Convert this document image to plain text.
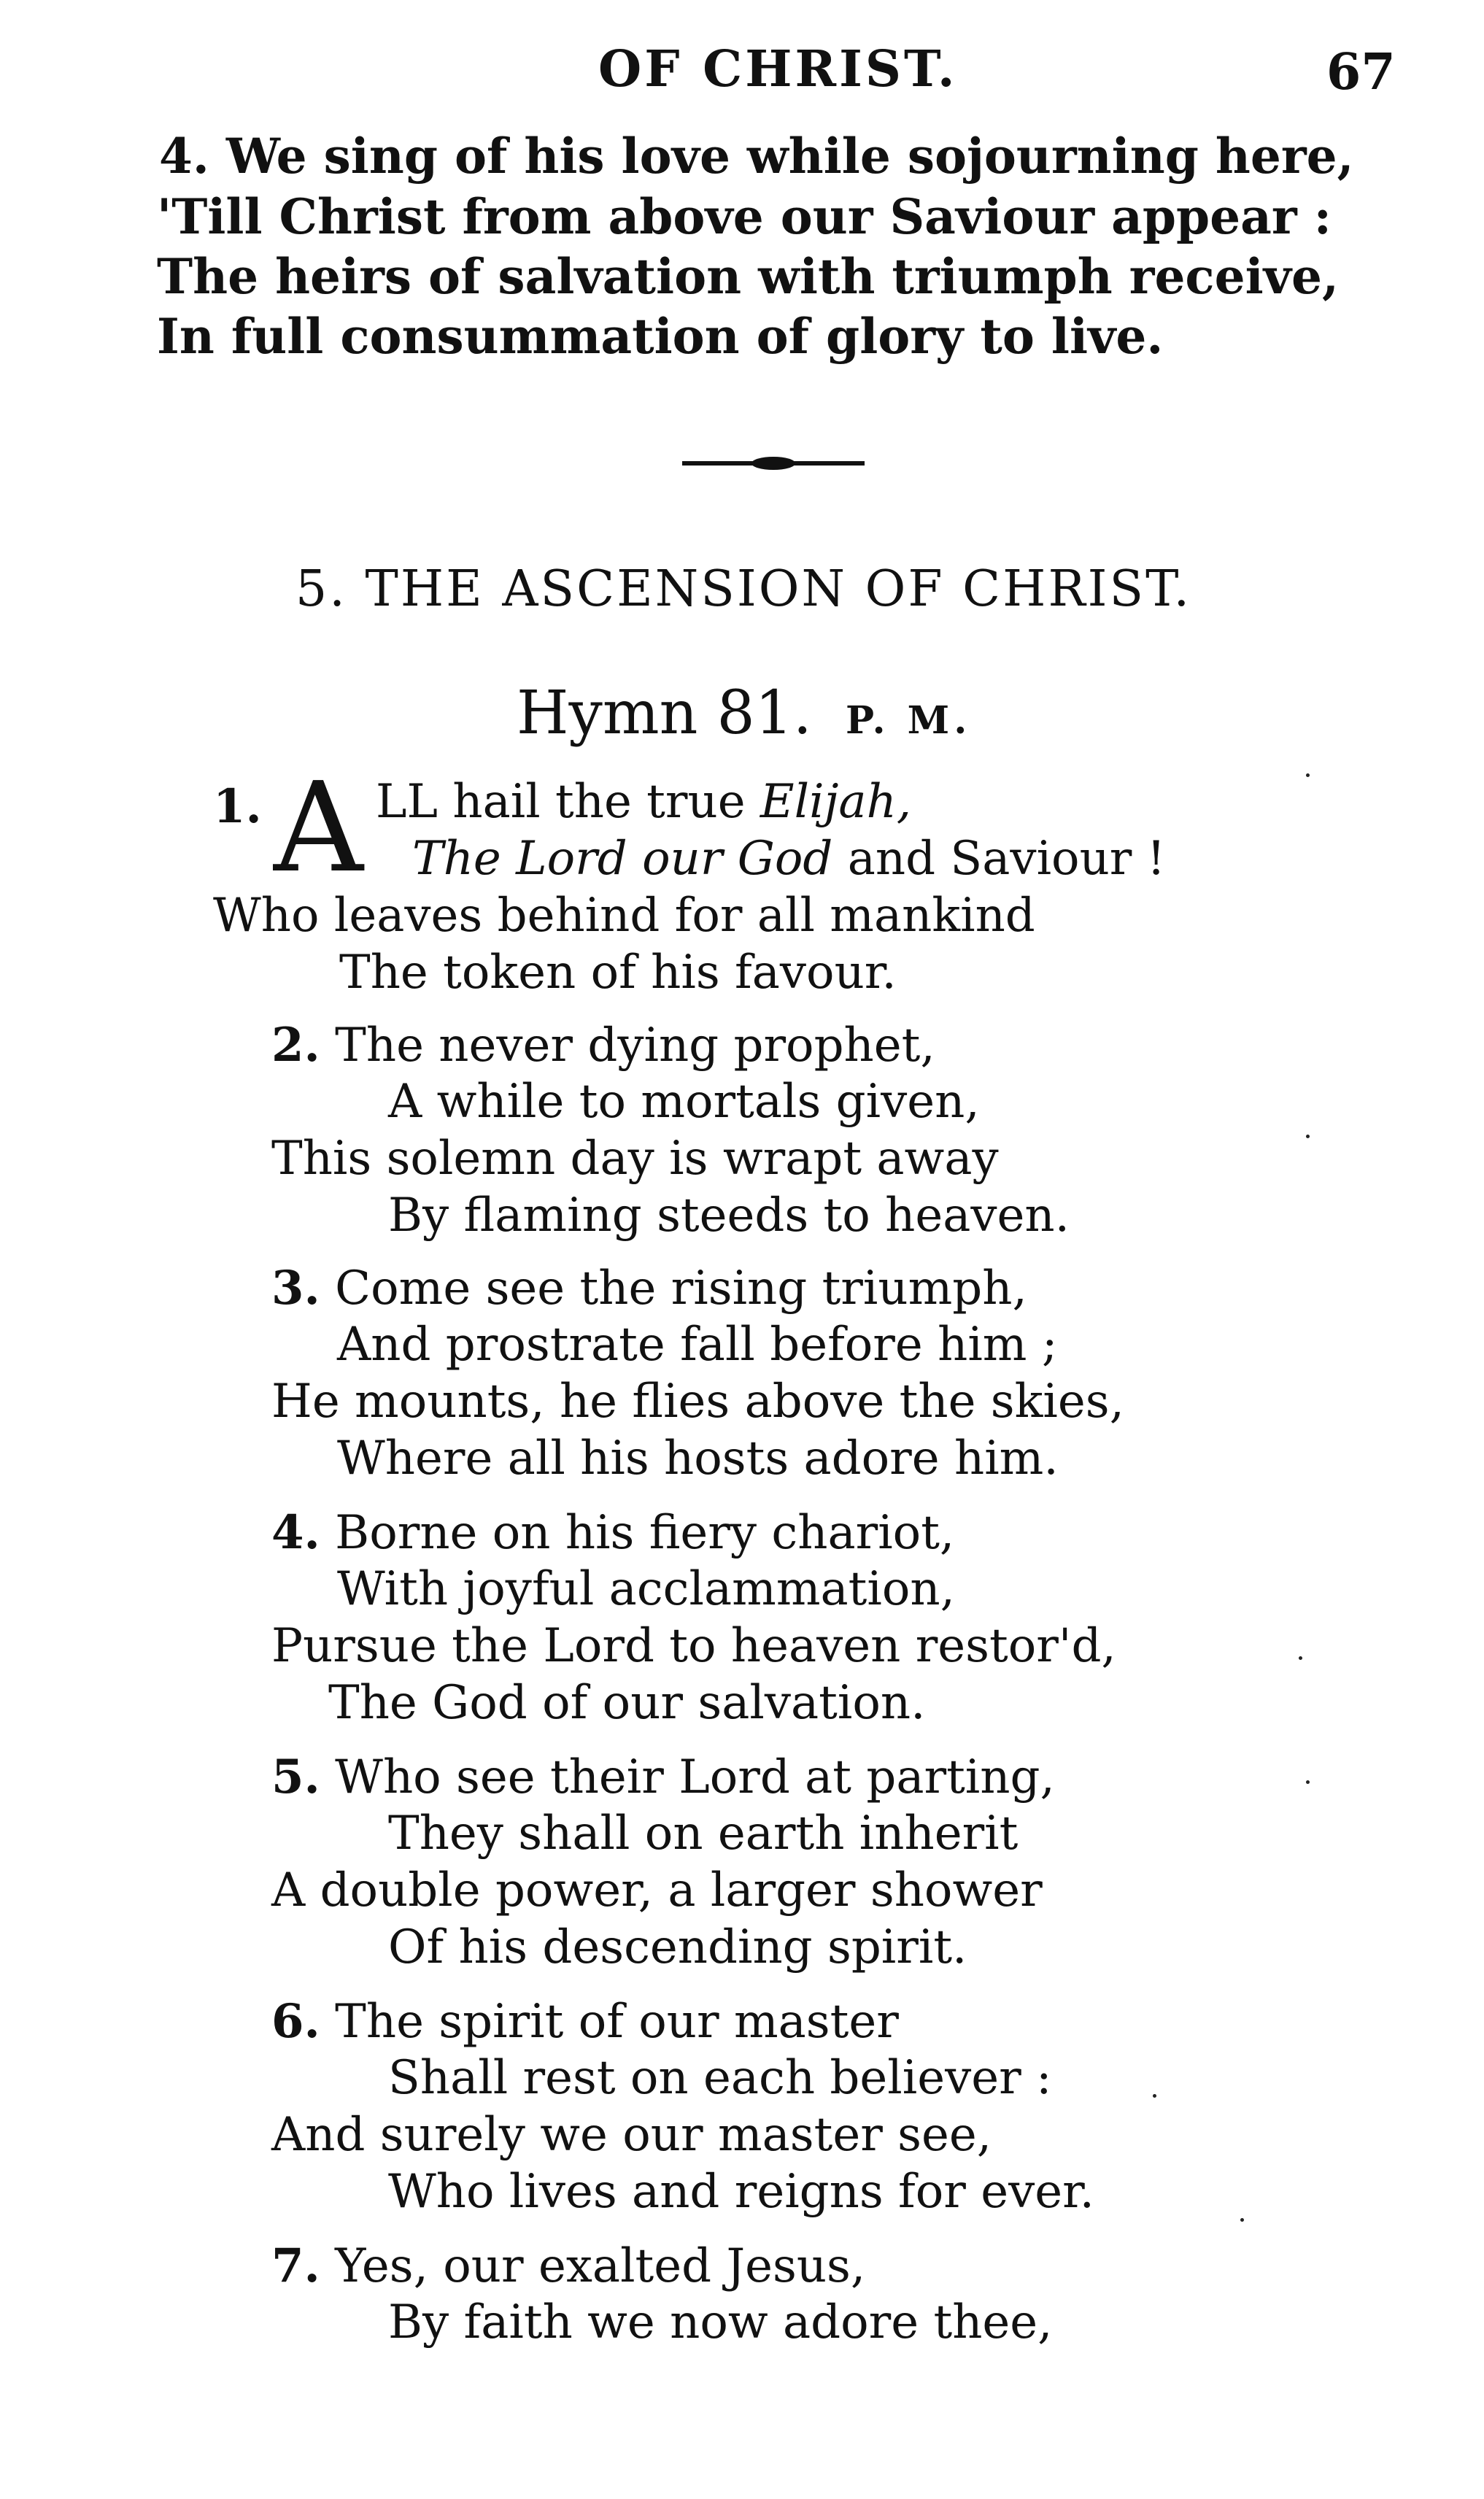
OF CHRIST.	67
4. We sing of his love while sojourning here,
'Till Christ from above our Saviour appear :
The heirs of salvation with triumph receive,
In full consummation of glory to live.
5. THE ASCENSION OF CHRIST.
Hymn 81. P. M.
1. A LL hail the true Elijah,
The Lord our God and Saviour !
Who leaves behind for all mankind
The token of his favour.
2. The never dying prophet,
A while to mortals given,
This solemn day is wrapt away
By flaming steeds to heaven.
3. Come see the rising triumph,
And prostrate fall before him ;
He mounts, he flies above the skies,
Where all his hosts adore him.
4. Borne on his fiery chariot,
With joyful acclammation,
Pursue the Lord to heaven restor'd,
The God of our salvation.
5. Who see their Lord at parting,
They shall on earth inherit
A double power, a larger shower
Of his descending spirit.
6. The spirit of our master
Shall rest on each believer :
And surely we our master see,
Who lives and reigns for ever.
7. Yes, our exalted Jesus,
By faith we now adore thee,
